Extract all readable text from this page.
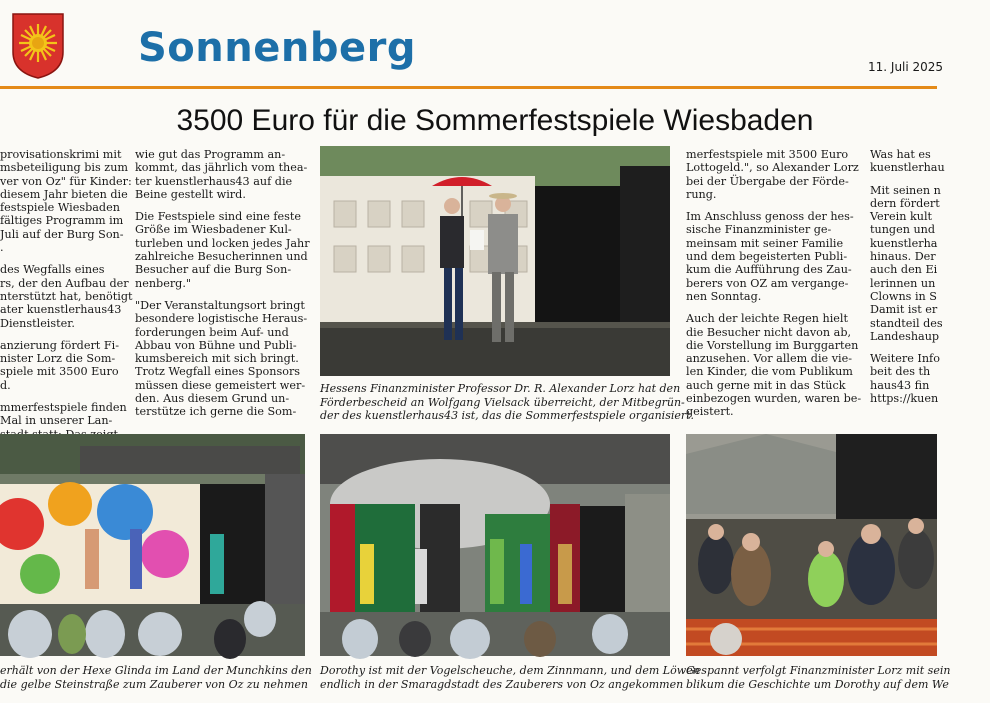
Sonnenberg	11. Juli 2025
3500 Euro für die Sommerfestspiele Wiesbaden

provisationskrimi mit
msbeteiligung bis zum
ver von Oz" für Kinder:
diesem Jahr bieten die
festspiele Wiesbaden
fältiges Programm im
Juli auf der Burg Son-
.

des Wegfalls eines
rs, der den Aufbau der
nterstützt hat, benötigt
ater kuenstlerhaus43
Dienstleister.

anzierung fördert Fi-
nister Lorz die Som-
spiele mit 3500 Euro
d.

mmerfestspiele finden
Mal in unserer Lan-

wie gut das Programm an-
kommt, das jährlich vom thea-
ter kuenstlerhaus43 auf die
Beine gestellt wird.

Die Festspiele sind eine feste
Größe im Wiesbadener Kul-
turleben und locken jedes Jahr
zahlreiche Besucherinnen und
Besucher auf die Burg Son-
nenberg."

"Der Veranstaltungsort bringt
besondere logistische Heraus-
forderungen beim Auf- und
Abbau von Bühne und Publi-
kumsbereich mit sich bringt.
Trotz Wegfall eines Sponsors
müssen diese gemeistert wer-
den. Aus diesem Grund un-
terstütze ich gerne die Som-

merfestspiele mit 3500 Euro
Lottogeld.", so Alexander Lorz
bei der Übergabe der Förde-
rung.

Im Anschluss genoss der hes-
sische Finanzminister ge-
meinsam mit seiner Familie
und dem begeisterten Publi-
kum die Aufführung des Zau-
berers von OZ am vergange-
nen Sonntag.

Auch der leichte Regen hielt
die Besucher nicht davon ab,
die Vorstellung im Burggarten
anzusehen. Vor allem die vie-
len Kinder, die vom Publikum
auch gerne mit in das Stück
einbezogen wurden, waren be-
geistert.

Was hat es
kuenstlerhau

Mit seinen n
dern fördert
Verein kult
tungen und
kuenstlerha
hinaus. Der
auch den Ei
lerinnen un
Clowns in S
Damit ist er
standteil des
Landeshaup

Weitere Info
beit des th
haus43 fin
https://kuen

Hessens Finanzminister Professor Dr. R. Alexander Lorz hat den
Förderbescheid an Wolfgang Vielsack überreicht, der Mitbegrün-
der des kuenstlerhaus43 ist, das die Sommerfestspiele organisiert.
erhält von der Hexe Glinda im Land der Munchkins den
die gelbe Steinstraße zum Zauberer von Oz zu nehmen
Dorothy ist mit der Vogelscheuche, dem Zinnmann, und dem Löwen
endlich in der Smaragdstadt des Zauberers von Oz angekommen
Gespannt verfolgt Finanzminister Lorz mit sein
blikum die Geschichte um Dorothy auf dem We
